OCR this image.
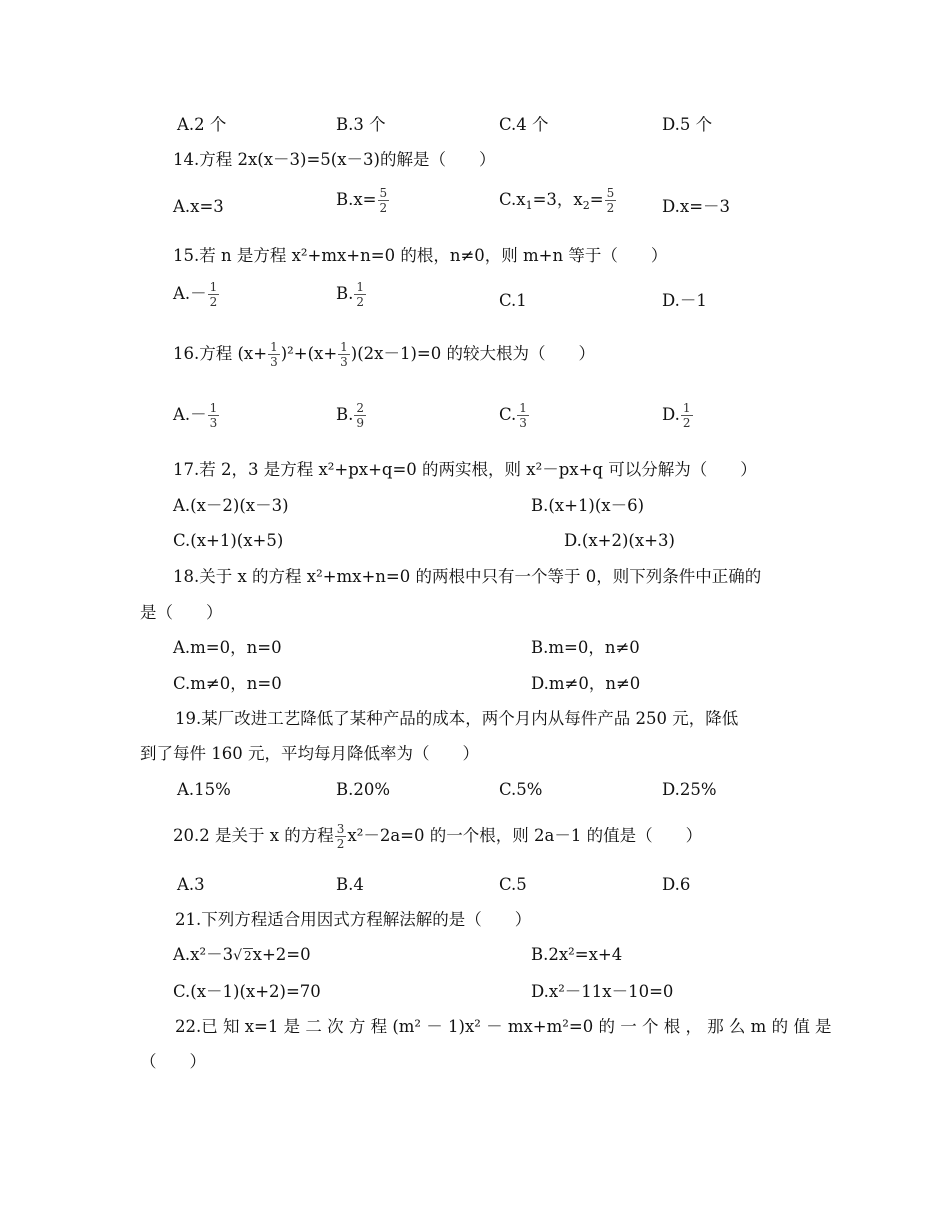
A.2 个	B.3 个	C.4 个	D.5 个
14.方程 2x(x－3)=5(x－3)的解是（　　）
A.x=3	$B.x= \frac{5}{2}$	$C.x_1=3$，$x_2= \frac{5}{2}$	D.x=－3
15.若 n 是方程 x²+mx+n=0 的根，n≠0，则 m+n 等于（　　）
$A.- \frac{1}{2}$	B. $\frac{1}{2}$	C.1	D.－1
16.方程 $(x+ \frac{1}{3} )^2+(x+ \frac{1}{3} )(2x-1)=0$ 的较大根为（　　）
$A.- \frac{1}{3}$	B. $\frac{2}{9}$	C. $\frac{1}{3}$	D. $\frac{1}{2}$
17.若 2，3 是方程 x²+px+q=0 的两实根，则 x²－px+q 可以分解为（　　）
A.(x－2)(x－3)	B.(x+1)(x－6)
C.(x+1)(x+5)	D.(x+2)(x+3)
18.关于 x 的方程 x²+mx+n=0 的两根中只有一个等于 0，则下列条件中正确的
是（　　）
A.m=0，n=0	B.m=0，n≠0
C.m≠0，n=0	D.m≠0，n≠0
19.某厂改进工艺降低了某种产品的成本，两个月内从每件产品 250 元，降低
到了每件 160 元，平均每月降低率为（　　）
A.15%	B.20%	C.5%	D.25%
20.2 是关于 x 的方程 $\frac{3}{2} x^2-2a=0$ 的一个根，则 2a－1 的值是（　　）
A.3	B.4	C.5	D.6
21.下列方程适合用因式方程解法解的是（　　）
A.x²－3√ 2x+2=0	B.2x²=x+4
C.(x－1)(x+2)=70	D.x²－11x－10=0
22.已 知 x=1 是 二 次 方 程 (m² － 1)x² － mx+m²=0 的 一 个 根 ， 那 么 m 的 值 是
（　　）
